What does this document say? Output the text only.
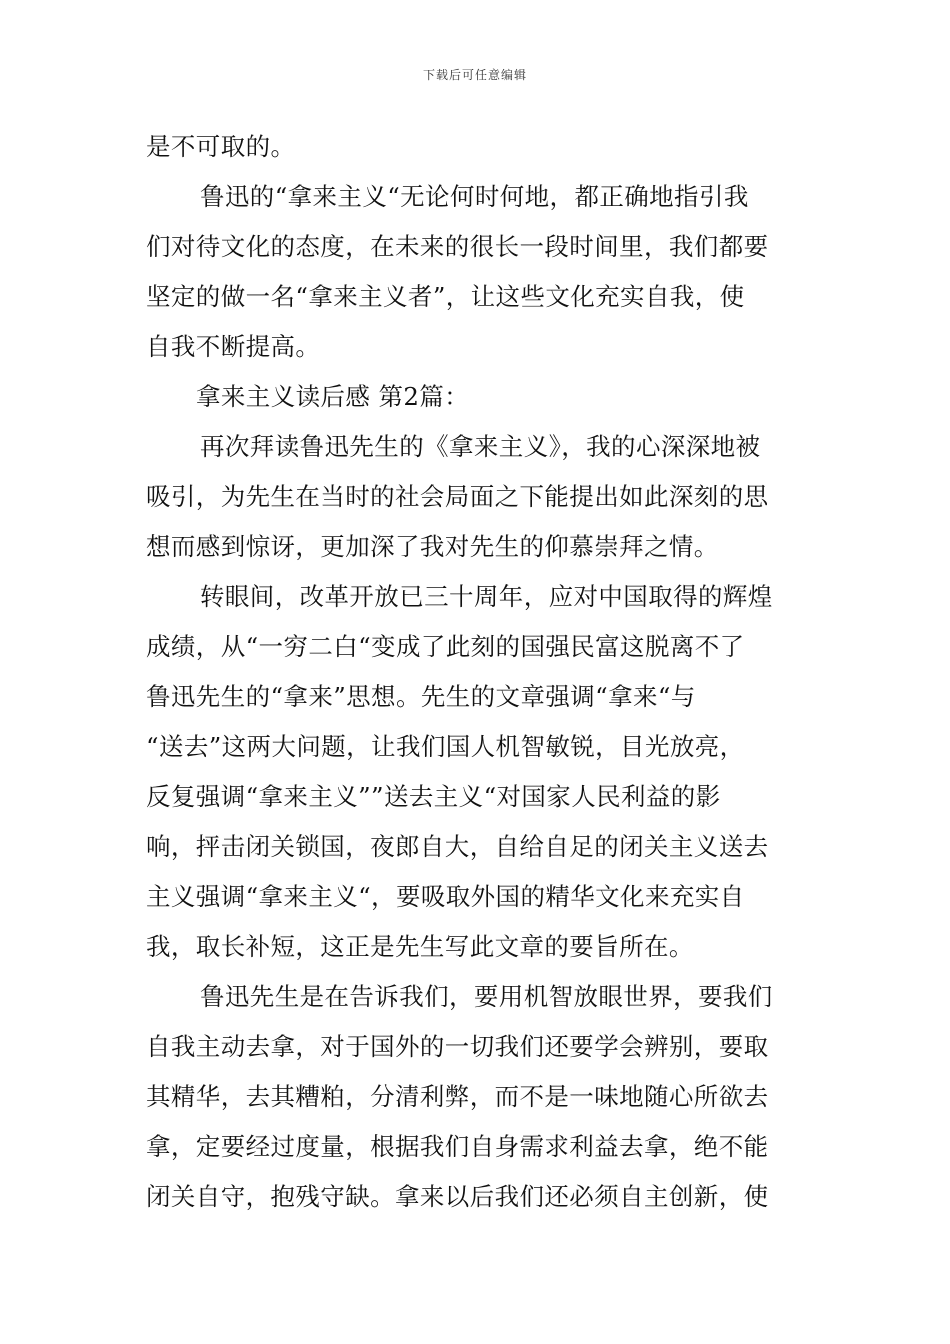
下载后可任意编辑
是不可取的。
鲁迅的“拿来主义“无论何时何地，都正确地指引我
们对待文化的态度，在未来的很长一段时间里，我们都要
坚定的做一名“拿来主义者”，让这些文化充实自我，使
自我不断提高。
拿来主义读后感 第2篇：
再次拜读鲁迅先生的《拿来主义》，我的心深深地被
吸引，为先生在当时的社会局面之下能提出如此深刻的思
想而感到惊讶，更加深了我对先生的仰慕崇拜之情。
转眼间，改革开放已三十周年，应对中国取得的辉煌
成绩，从“一穷二白“变成了此刻的国强民富这脱离不了
鲁迅先生的“拿来”思想。先生的文章强调“拿来“与
“送去”这两大问题，让我们国人机智敏锐，目光放亮，
反复强调“拿来主义””送去主义“对国家人民利益的影
响，抨击闭关锁国，夜郎自大，自给自足的闭关主义送去
主义强调“拿来主义“，要吸取外国的精华文化来充实自
我，取长补短，这正是先生写此文章的要旨所在。
鲁迅先生是在告诉我们，要用机智放眼世界，要我们
自我主动去拿，对于国外的一切我们还要学会辨别，要取
其精华，去其糟粕，分清利弊，而不是一味地随心所欲去
拿，定要经过度量，根据我们自身需求利益去拿，绝不能
闭关自守，抱残守缺。拿来以后我们还必须自主创新，使
